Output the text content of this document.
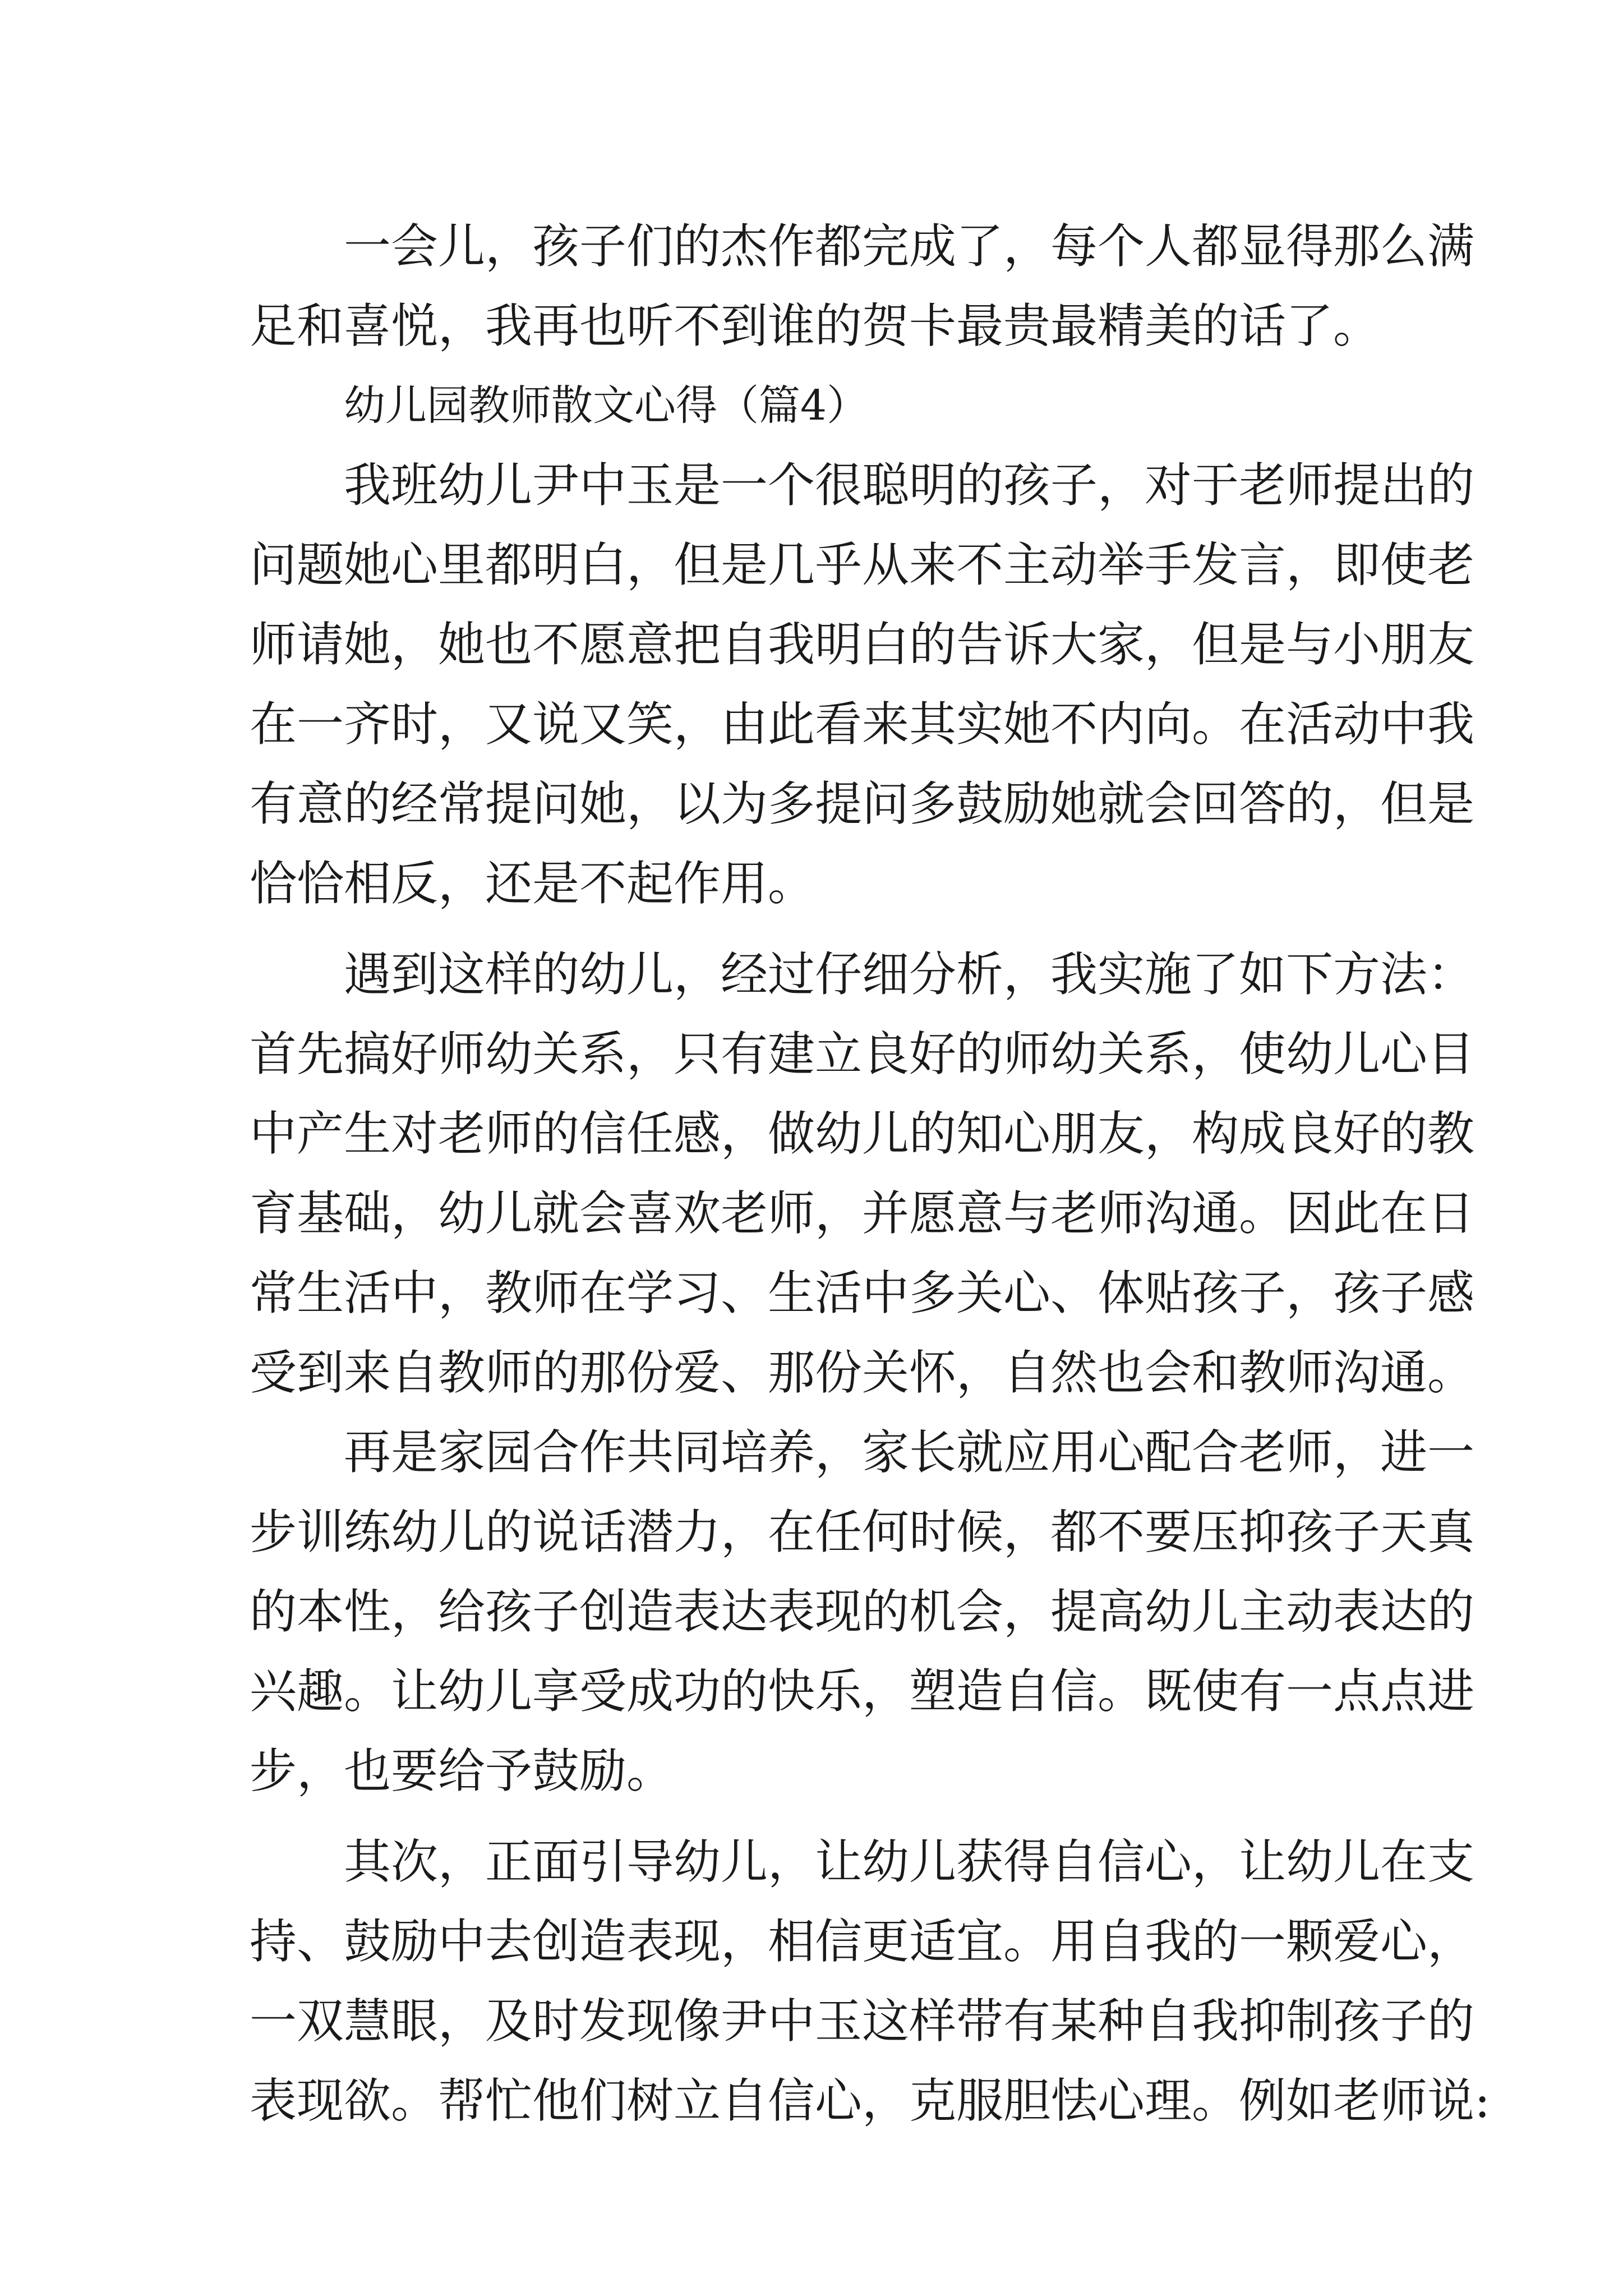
一会儿，孩子们的杰作都完成了，每个人都显得那么满
足和喜悦，我再也听不到谁的贺卡最贵最精美的话了。
幼儿园教师散文心得（篇4）
我班幼儿尹中玉是一个很聪明的孩子，对于老师提出的
问题她心里都明白，但是几乎从来不主动举手发言，即使老
师请她，她也不愿意把自我明白的告诉大家，但是与小朋友
在一齐时，又说又笑，由此看来其实她不内向。在活动中我
有意的经常提问她，以为多提问多鼓励她就会回答的，但是
恰恰相反，还是不起作用。
遇到这样的幼儿，经过仔细分析，我实施了如下方法：
首先搞好师幼关系，只有建立良好的师幼关系，使幼儿心目
中产生对老师的信任感，做幼儿的知心朋友，构成良好的教
育基础，幼儿就会喜欢老师，并愿意与老师沟通。因此在日
常生活中，教师在学习、生活中多关心、体贴孩子，孩子感
受到来自教师的那份爱、那份关怀，自然也会和教师沟通。
再是家园合作共同培养，家长就应用心配合老师，进一
步训练幼儿的说话潜力，在任何时候，都不要压抑孩子天真
的本性，给孩子创造表达表现的机会，提高幼儿主动表达的
兴趣。让幼儿享受成功的快乐，塑造自信。既使有一点点进
步，也要给予鼓励。
其次，正面引导幼儿，让幼儿获得自信心，让幼儿在支
持、鼓励中去创造表现，相信更适宜。用自我的一颗爱心，
一双慧眼，及时发现像尹中玉这样带有某种自我抑制孩子的
表现欲。帮忙他们树立自信心，克服胆怯心理。例如老师说:
